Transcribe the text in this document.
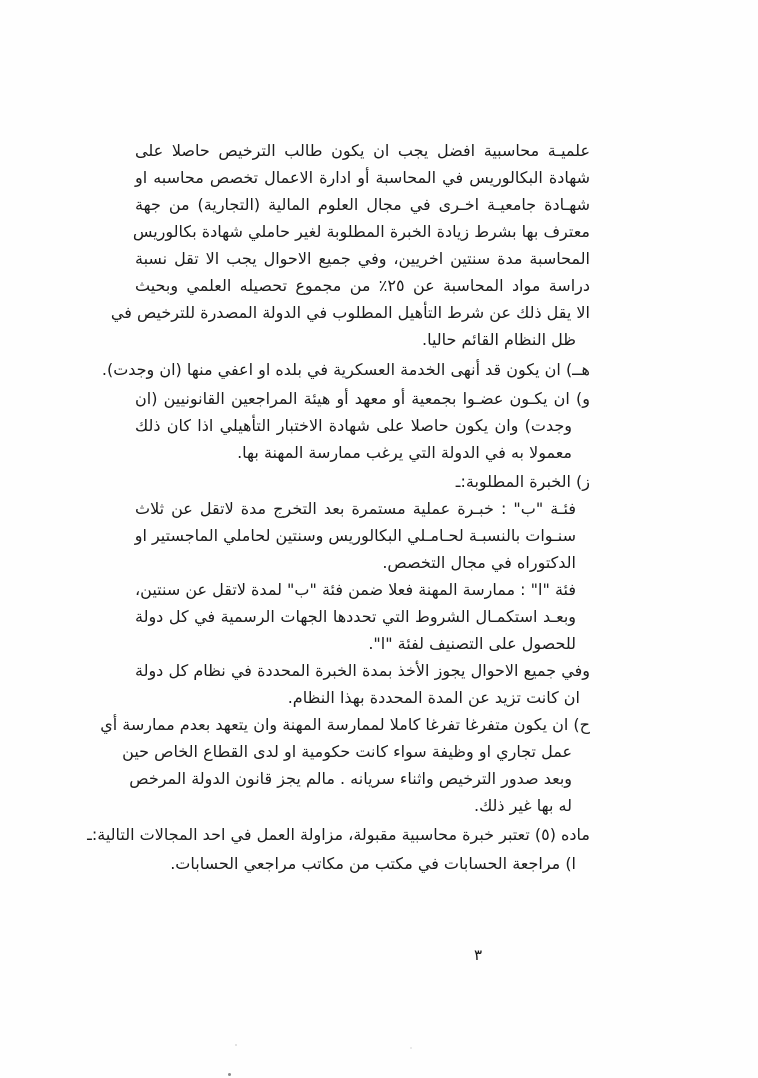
علميـة محاسبية افضل يجب ان يكون طالب الترخيص حاصلا على
شهادة البكالوريس في المحاسبة أو ادارة الاعمال تخصص محاسبه او
شهـادة جامعيـة اخـرى في مجال العلوم المالية (التجارية) من جهة
معترف بها بشرط زيادة الخبرة المطلوبة لغير حاملي شهادة بكالوريس
المحاسبة مدة سنتين اخريين، وفي جميع الاحوال يجب الا تقل نسبة
دراسة مواد المحاسبة عن ٢٥٪ من مجموع تحصيله العلمي وبحيث
الا يقل ذلك عن شرط التأهيل المطلوب في الدولة المصدرة للترخيص في
ظل النظام القائم حاليا.
هــ) ان يكون قد أنهى الخدمة العسكرية في بلده او اعفي منها (ان وجدت).
و) ان يكـون عضـوا بجمعية أو معهد أو هيئة المراجعين القانونيين (ان
وجدت) وان يكون حاصلا على شهادة الاختبار التأهيلي اذا كان ذلك
معمولا به في الدولة التي يرغب ممارسة المهنة بها.
ز) الخبرة المطلوبة:ـ
فئـة "ب" : خبـرة عملية مستمرة بعد التخرج مدة لاتقل عن ثلاث
سنـوات بالنسبـة لحـامـلي البكالوريس وسنتين لحاملي الماجستير او
الدكتوراه في مجال التخصص.
فئة "ا" : ممارسة المهنة فعلا ضمن فئة "ب" لمدة لاتقل عن سنتين،
وبعـد استكمـال الشروط التي تحددها الجهات الرسمية في كل دولة
للحصول على التصنيف لفئة "ا".
وفي جميع الاحوال يجوز الأخذ بمدة الخبرة المحددة في نظام كل دولة
ان كانت تزيد عن المدة المحددة بهذا النظام.
ح) ان يكون متفرغا تفرغا كاملا لممارسة المهنة وان يتعهد بعدم ممارسة أي
عمل تجاري او وظيفة سواء كانت حكومية او لدى القطاع الخاص حين
وبعد صدور الترخيص واثناء سريانه . مالم يجز قانون الدولة المرخص
له بها غير ذلك.
ماده (٥) تعتبر خبرة محاسبية مقبولة، مزاولة العمل في احد المجالات التالية:ـ
ا) مراجعة الحسابات في مكتب من مكاتب مراجعي الحسابات.
٣
